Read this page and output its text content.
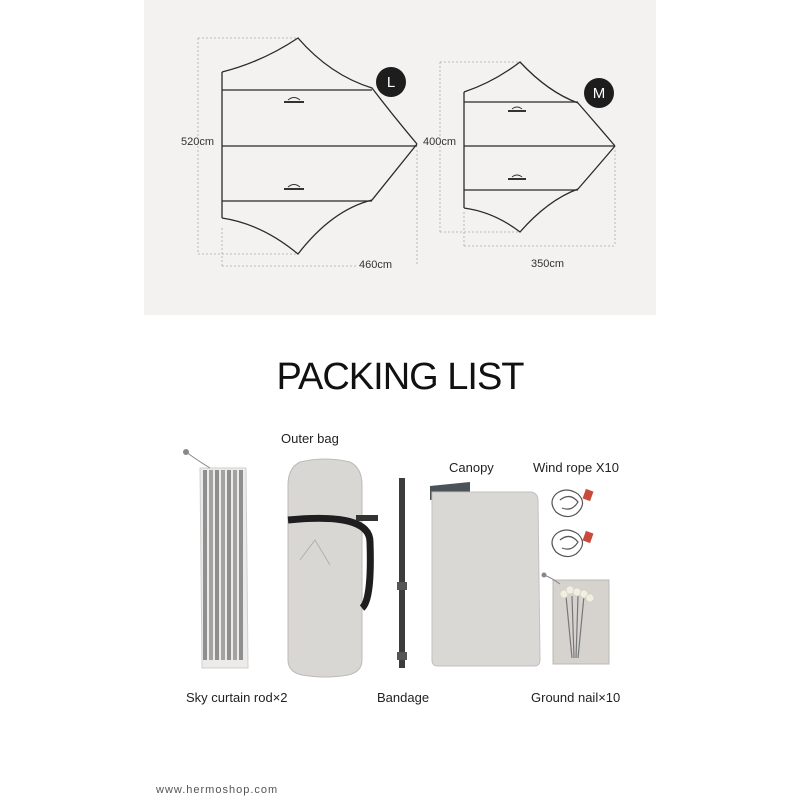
L
M
520cm
460cm
400cm
350cm
PACKING LIST
Outer bag
Canopy	Wind rope X10
Sky curtain rod×2	Bandage	Ground nail×10
www.hermoshop.com
